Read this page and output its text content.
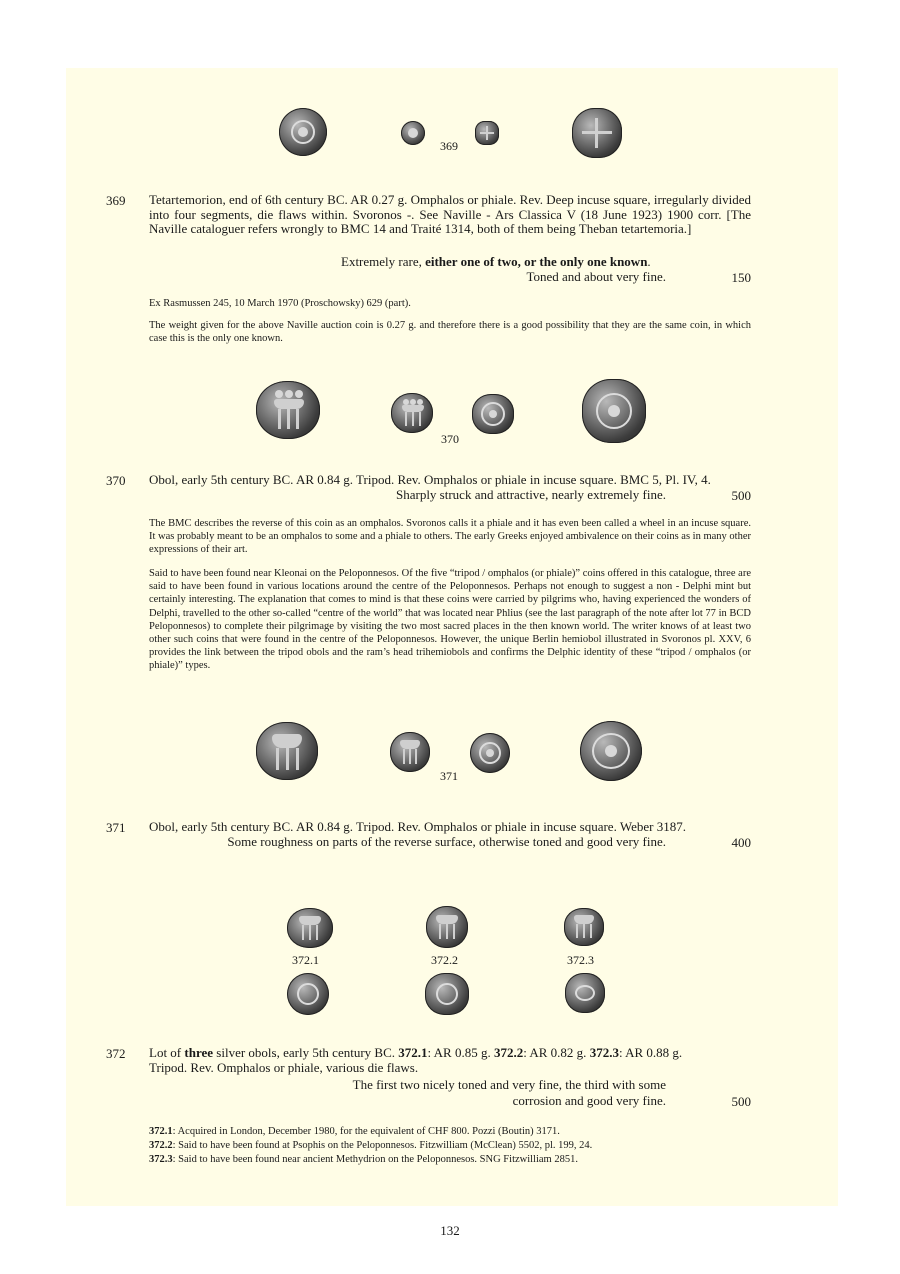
369
369 Tetartemorion, end of 6th century BC. AR 0.27 g. Omphalos or phiale. Rev. Deep incuse square, irregularly divided into four segments, die flaws within. Svoronos -. See Naville - Ars Classica V (18 June 1923) 1900 corr. [The Naville cataloguer refers wrongly to BMC 14 and Traité 1314, both of them being Theban tetartemoria.]
Extremely rare, either one of two, or the only one known.
Toned and about very fine.	150
Ex Rasmussen 245, 10 March 1970 (Proschowsky) 629 (part).
The weight given for the above Naville auction coin is 0.27 g. and therefore there is a good possibility that they are the same coin, in which case this is the only one known.
370
370 Obol, early 5th century BC. AR 0.84 g. Tripod. Rev. Omphalos or phiale in incuse square. BMC 5, Pl. IV, 4.
Sharply struck and attractive, nearly extremely fine.	500
The BMC describes the reverse of this coin as an omphalos. Svoronos calls it a phiale and it has even been called a wheel in an incuse square. It was probably meant to be an omphalos to some and a phiale to others. The early Greeks enjoyed ambivalence on their coins as in many other expressions of their art.
Said to have been found near Kleonai on the Peloponnesos. Of the five “tripod / omphalos (or phiale)” coins offered in this catalogue, three are said to have been found in various locations around the centre of the Peloponnesos. Perhaps not enough to suggest a non - Delphi mint but certainly interesting. The explanation that comes to mind is that these coins were carried by pilgrims who, having experienced the wonders of Delphi, travelled to the other so-called “centre of the world” that was located near Phlius (see the last paragraph of the note after lot 77 in BCD Peloponnesos) to complete their pilgrimage by visiting the two most sacred places in the then known world. The writer knows of at least two other such coins that were found in the centre of the Peloponnesos. However, the unique Berlin hemiobol illustrated in Svoronos pl. XXV, 6 provides the link between the tripod obols and the ram’s head trihemiobols and confirms the Delphic identity of these “tripod / omphalos (or phiale)” types.
371
371 Obol, early 5th century BC. AR 0.84 g. Tripod. Rev. Omphalos or phiale in incuse square. Weber 3187.
Some roughness on parts of the reverse surface, otherwise toned and good very fine.	400
372.1	372.2	372.3
372 Lot of three silver obols, early 5th century BC. 372.1: AR 0.85 g. 372.2: AR 0.82 g. 372.3: AR 0.88 g.
Tripod. Rev. Omphalos or phiale, various die flaws.
The first two nicely toned and very fine, the third with some
corrosion and good very fine.	500
372.1: Acquired in London, December 1980, for the equivalent of CHF 800. Pozzi (Boutin) 3171.
372.2: Said to have been found at Psophis on the Peloponnesos. Fitzwilliam (McClean) 5502, pl. 199, 24.
372.3: Said to have been found near ancient Methydrion on the Peloponnesos. SNG Fitzwilliam 2851.
132
